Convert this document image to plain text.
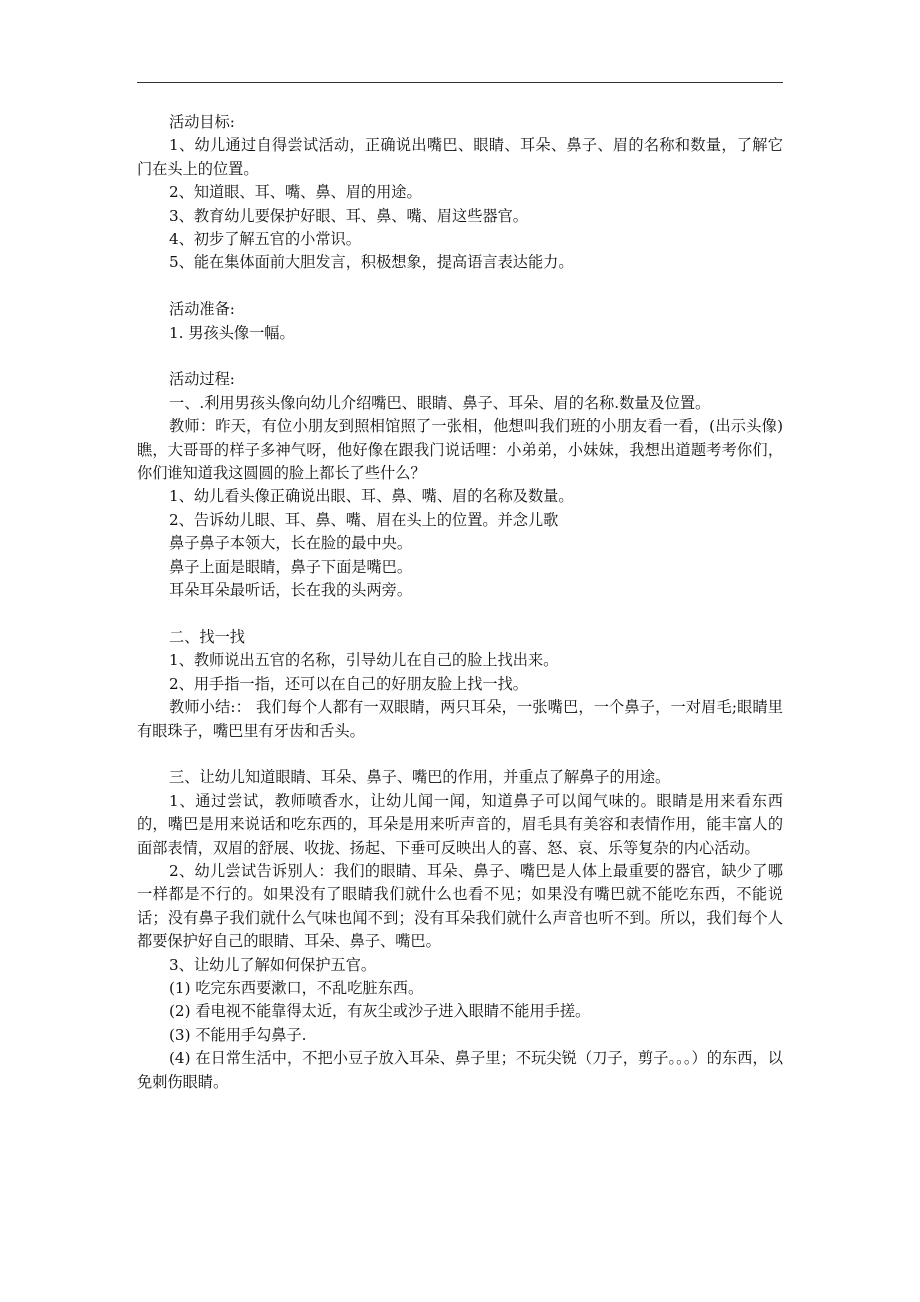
活动目标:

1、幼儿通过自得尝试活动，正确说出嘴巴、眼睛、耳朵、鼻子、眉的名称和数量，了解它门在头上的位置。

2、知道眼、耳、嘴、鼻、眉的用途。

3、教育幼儿要保护好眼、耳、鼻、嘴、眉这些器官。

4、初步了解五官的小常识。

5、能在集体面前大胆发言，积极想象，提高语言表达能力。

活动准备:

1. 男孩头像一幅。

活动过程:

一、.利用男孩头像向幼儿介绍嘴巴、眼睛、鼻子、耳朵、眉的名称.数量及位置。

教师：昨天，有位小朋友到照相馆照了一张相，他想叫我们班的小朋友看一看，(出示头像)瞧，大哥哥的样子多神气呀，他好像在跟我门说话哩：小弟弟，小妹妹，我想出道题考考你们，你们谁知道我这圆圆的脸上都长了些什么？

1、幼儿看头像正确说出眼、耳、鼻、嘴、眉的名称及数量。

2、告诉幼儿眼、耳、鼻、嘴、眉在头上的位置。并念儿歌

鼻子鼻子本领大，长在脸的最中央。

鼻子上面是眼睛，鼻子下面是嘴巴。

耳朵耳朵最听话，长在我的头两旁。

二、找一找

1、教师说出五官的名称，引导幼儿在自己的脸上找出来。

2、用手指一指，还可以在自己的好朋友脸上找一找。

教师小结:： 我们每个人都有一双眼睛，两只耳朵，一张嘴巴，一个鼻子，一对眉毛;眼睛里有眼珠子，嘴巴里有牙齿和舌头。

三、让幼儿知道眼睛、耳朵、鼻子、嘴巴的作用，并重点了解鼻子的用途。

1、通过尝试，教师喷香水，让幼儿闻一闻，知道鼻子可以闻气味的。眼睛是用来看东西的，嘴巴是用来说话和吃东西的，耳朵是用来听声音的，眉毛具有美容和表情作用，能丰富人的面部表情，双眉的舒展、收拢、扬起、下垂可反映出人的喜、怒、哀、乐等复杂的内心活动。

2、幼儿尝试告诉别人：我们的眼睛、耳朵、鼻子、嘴巴是人体上最重要的器官，缺少了哪一样都是不行的。如果没有了眼睛我们就什么也看不见；如果没有嘴巴就不能吃东西，不能说话；没有鼻子我们就什么气味也闻不到；没有耳朵我们就什么声音也听不到。所以，我们每个人都要保护好自己的眼睛、耳朵、鼻子、嘴巴。

3、让幼儿了解如何保护五官。

(1) 吃完东西要漱口，不乱吃脏东西。

(2) 看电视不能靠得太近，有灰尘或沙子进入眼睛不能用手搓。

(3) 不能用手勾鼻子.

(4) 在日常生活中，不把小豆子放入耳朵、鼻子里；不玩尖锐（刀子，剪子。。。）的东西，以免刺伤眼睛。
